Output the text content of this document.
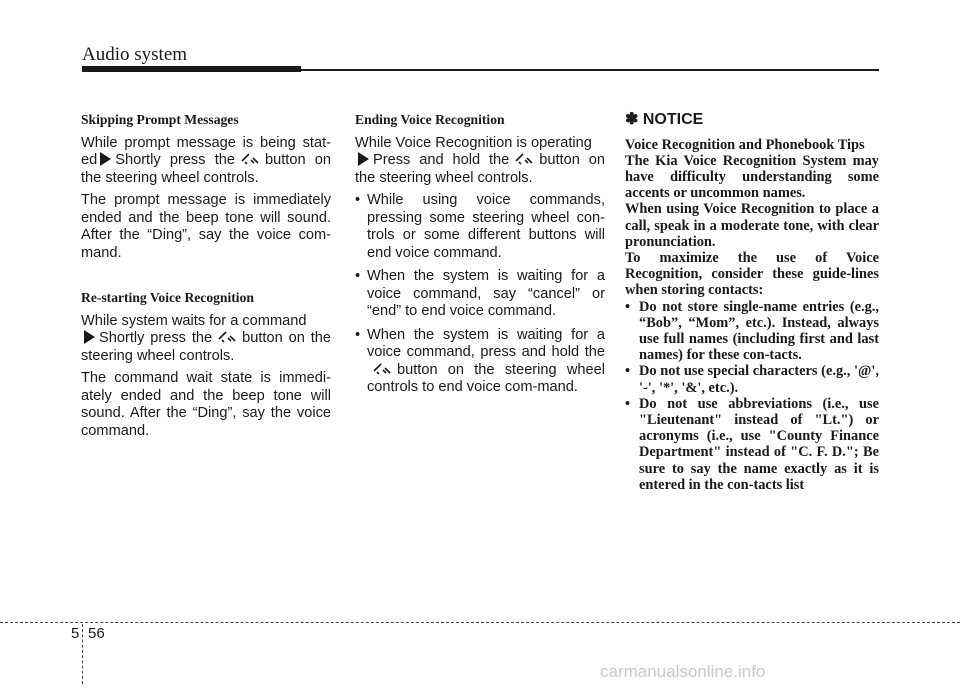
Audio system
Skipping Prompt Messages
While prompt message is being stat-ed Shortly press the button on the steering wheel controls.
The prompt message is immediately ended and the beep tone will sound. After the “Ding”, say the voice com-mand.
Re-starting Voice Recognition
While system waits for a command
Shortly press the button on the steering wheel controls.
The command wait state is immedi-ately ended and the beep tone will sound. After the “Ding”, say the voice command.
Ending Voice Recognition
While Voice Recognition is operating
Press and hold the button on the steering wheel controls.
• While using voice commands, pressing some steering wheel con-trols or some different buttons will end voice command.
• When the system is waiting for a voice command, say “cancel” or “end” to end voice command.
• When the system is waiting for a voice command, press and hold thebutton on the steering wheel controls to end voice com-mand.
✽ NOTICE
Voice Recognition and Phonebook Tips
The Kia Voice Recognition System may have difficulty understanding some accents or uncommon names.
When using Voice Recognition to place a call, speak in a moderate tone, with clear pronunciation.
To maximize the use of Voice Recognition, consider these guide-lines when storing contacts:
• Do not store single-name entries (e.g., “Bob”, “Mom”, etc.). Instead, always use full names (including first and last names) for these con-tacts.
• Do not use special characters (e.g., '@', '-', '*', '&', etc.).
• Do not use abbreviations (i.e., use "Lieutenant" instead of "Lt.") or acronyms (i.e., use "County Finance Department" instead of "C. F. D."; Be sure to say the name exactly as it is entered in the con-tacts list
5 56
carmanualsonline.info
